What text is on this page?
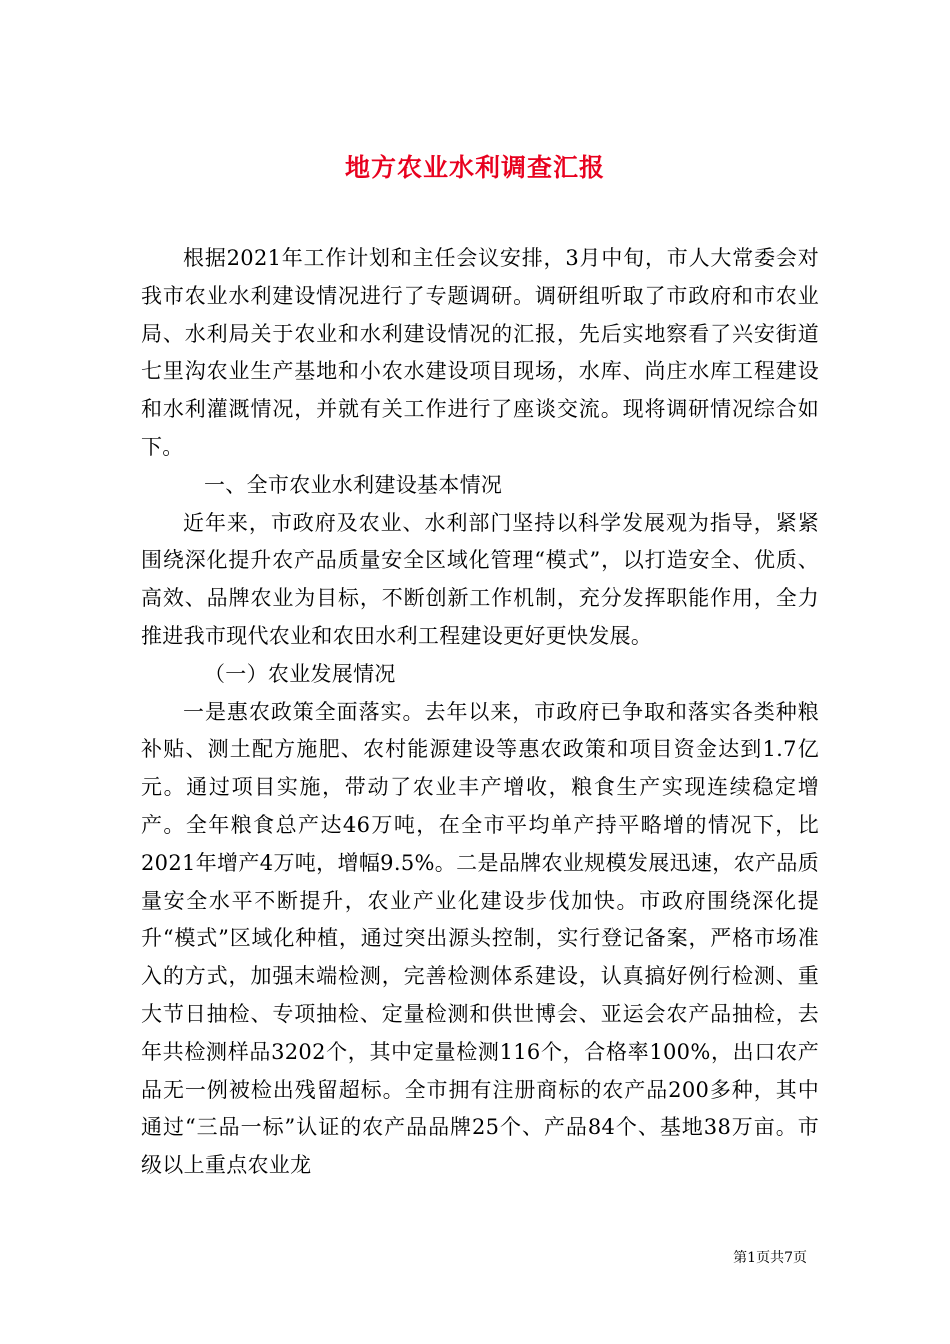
地方农业水利调查汇报

根据2021年工作计划和主任会议安排，3月中旬，市人大常委会对我市农业水利建设情况进行了专题调研。调研组听取了市政府和市农业局、水利局关于农业和水利建设情况的汇报，先后实地察看了兴安街道七里沟农业生产基地和小农水建设项目现场，水库、尚庄水库工程建设和水利灌溉情况，并就有关工作进行了座谈交流。现将调研情况综合如下。

一、全市农业水利建设基本情况

近年来，市政府及农业、水利部门坚持以科学发展观为指导，紧紧围绕深化提升农产品质量安全区域化管理“模式”，以打造安全、优质、高效、品牌农业为目标，不断创新工作机制，充分发挥职能作用，全力推进我市现代农业和农田水利工程建设更好更快发展。

（一）农业发展情况

一是惠农政策全面落实。去年以来，市政府已争取和落实各类种粮补贴、测土配方施肥、农村能源建设等惠农政策和项目资金达到1.7亿元。通过项目实施，带动了农业丰产增收，粮食生产实现连续稳定增产。全年粮食总产达46万吨，在全市平均单产持平略增的情况下，比2021年增产4万吨，增幅9.5%。二是品牌农业规模发展迅速，农产品质量安全水平不断提升，农业产业化建设步伐加快。市政府围绕深化提升“模式”区域化种植，通过突出源头控制，实行登记备案，严格市场准入的方式，加强末端检测，完善检测体系建设，认真搞好例行检测、重大节日抽检、专项抽检、定量检测和供世博会、亚运会农产品抽检，去年共检测样品3202个，其中定量检测116个，合格率100%，出口农产品无一例被检出残留超标。全市拥有注册商标的农产品200多种，其中通过“三品一标”认证的农产品品牌25个、产品84个、基地38万亩。市级以上重点农业龙

第1页共7页
